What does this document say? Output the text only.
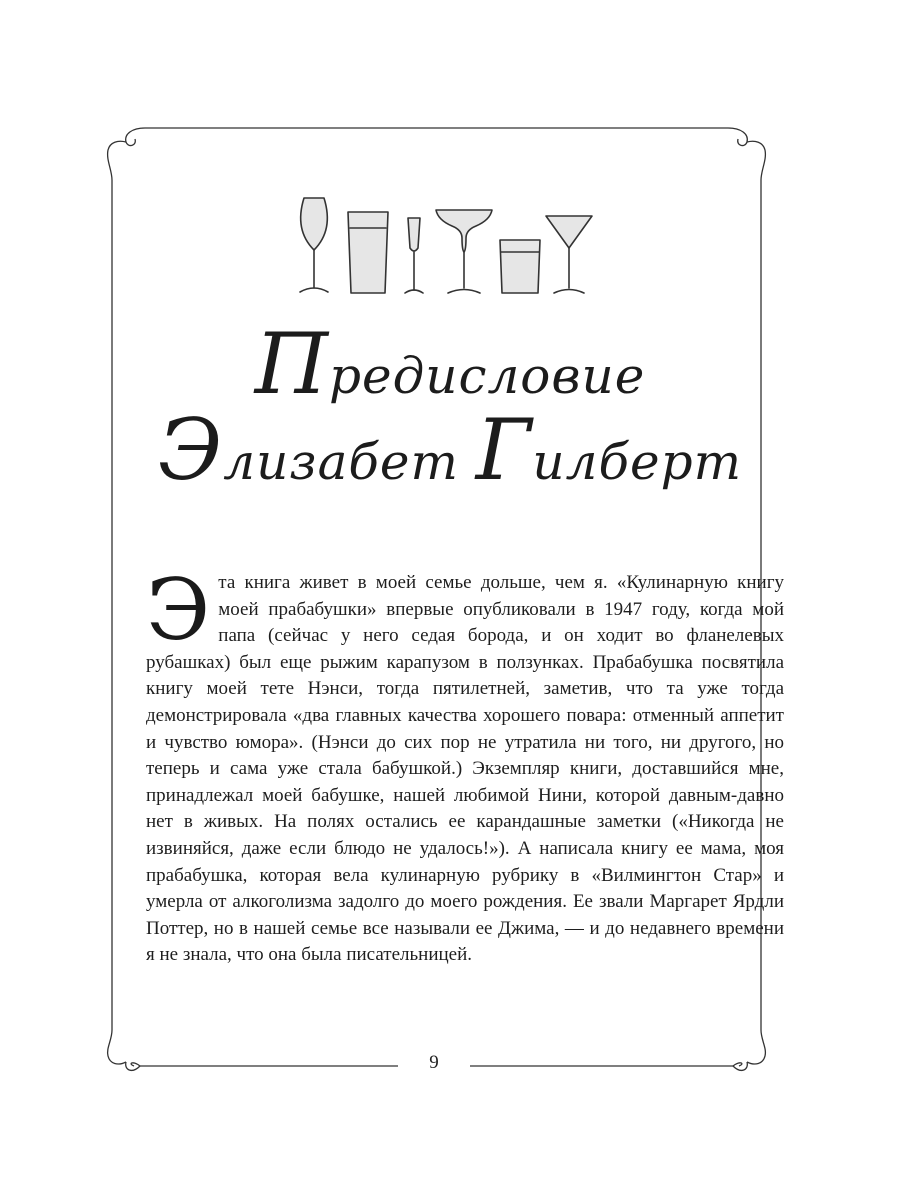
Предисловие
Элизабет Гилберт
Эта книга живет в моей семье дольше, чем я. «Кулинарную книгу моей прабабушки» впервые опубликовали в 1947 году, когда мой папа (сейчас у него седая борода, и он ходит во фланелевых рубашках) был еще рыжим карапузом в ползунках. Прабабушка посвятила книгу моей тете Нэнси, тогда пятилетней, заметив, что та уже тогда демонстрировала «два главных качества хорошего повара: отменный аппетит и чувство юмора». (Нэнси до сих пор не утратила ни того, ни другого, но теперь и сама уже стала бабушкой.) Экземпляр книги, доставшийся мне, принадлежал моей бабушке, нашей любимой Нини, которой давным-давно нет в живых. На полях остались ее карандашные заметки («Никогда не извиняйся, даже если блюдо не удалось!»). А написала книгу ее мама, моя прабабушка, которая вела кулинарную рубрику в «Вилмингтон Стар» и умерла от алкоголизма задолго до моего рождения. Ее звали Маргарет Ярдли Поттер, но в нашей семье все называли ее Джима, — и до недавнего времени я не знала, что она была писательницей.
9
